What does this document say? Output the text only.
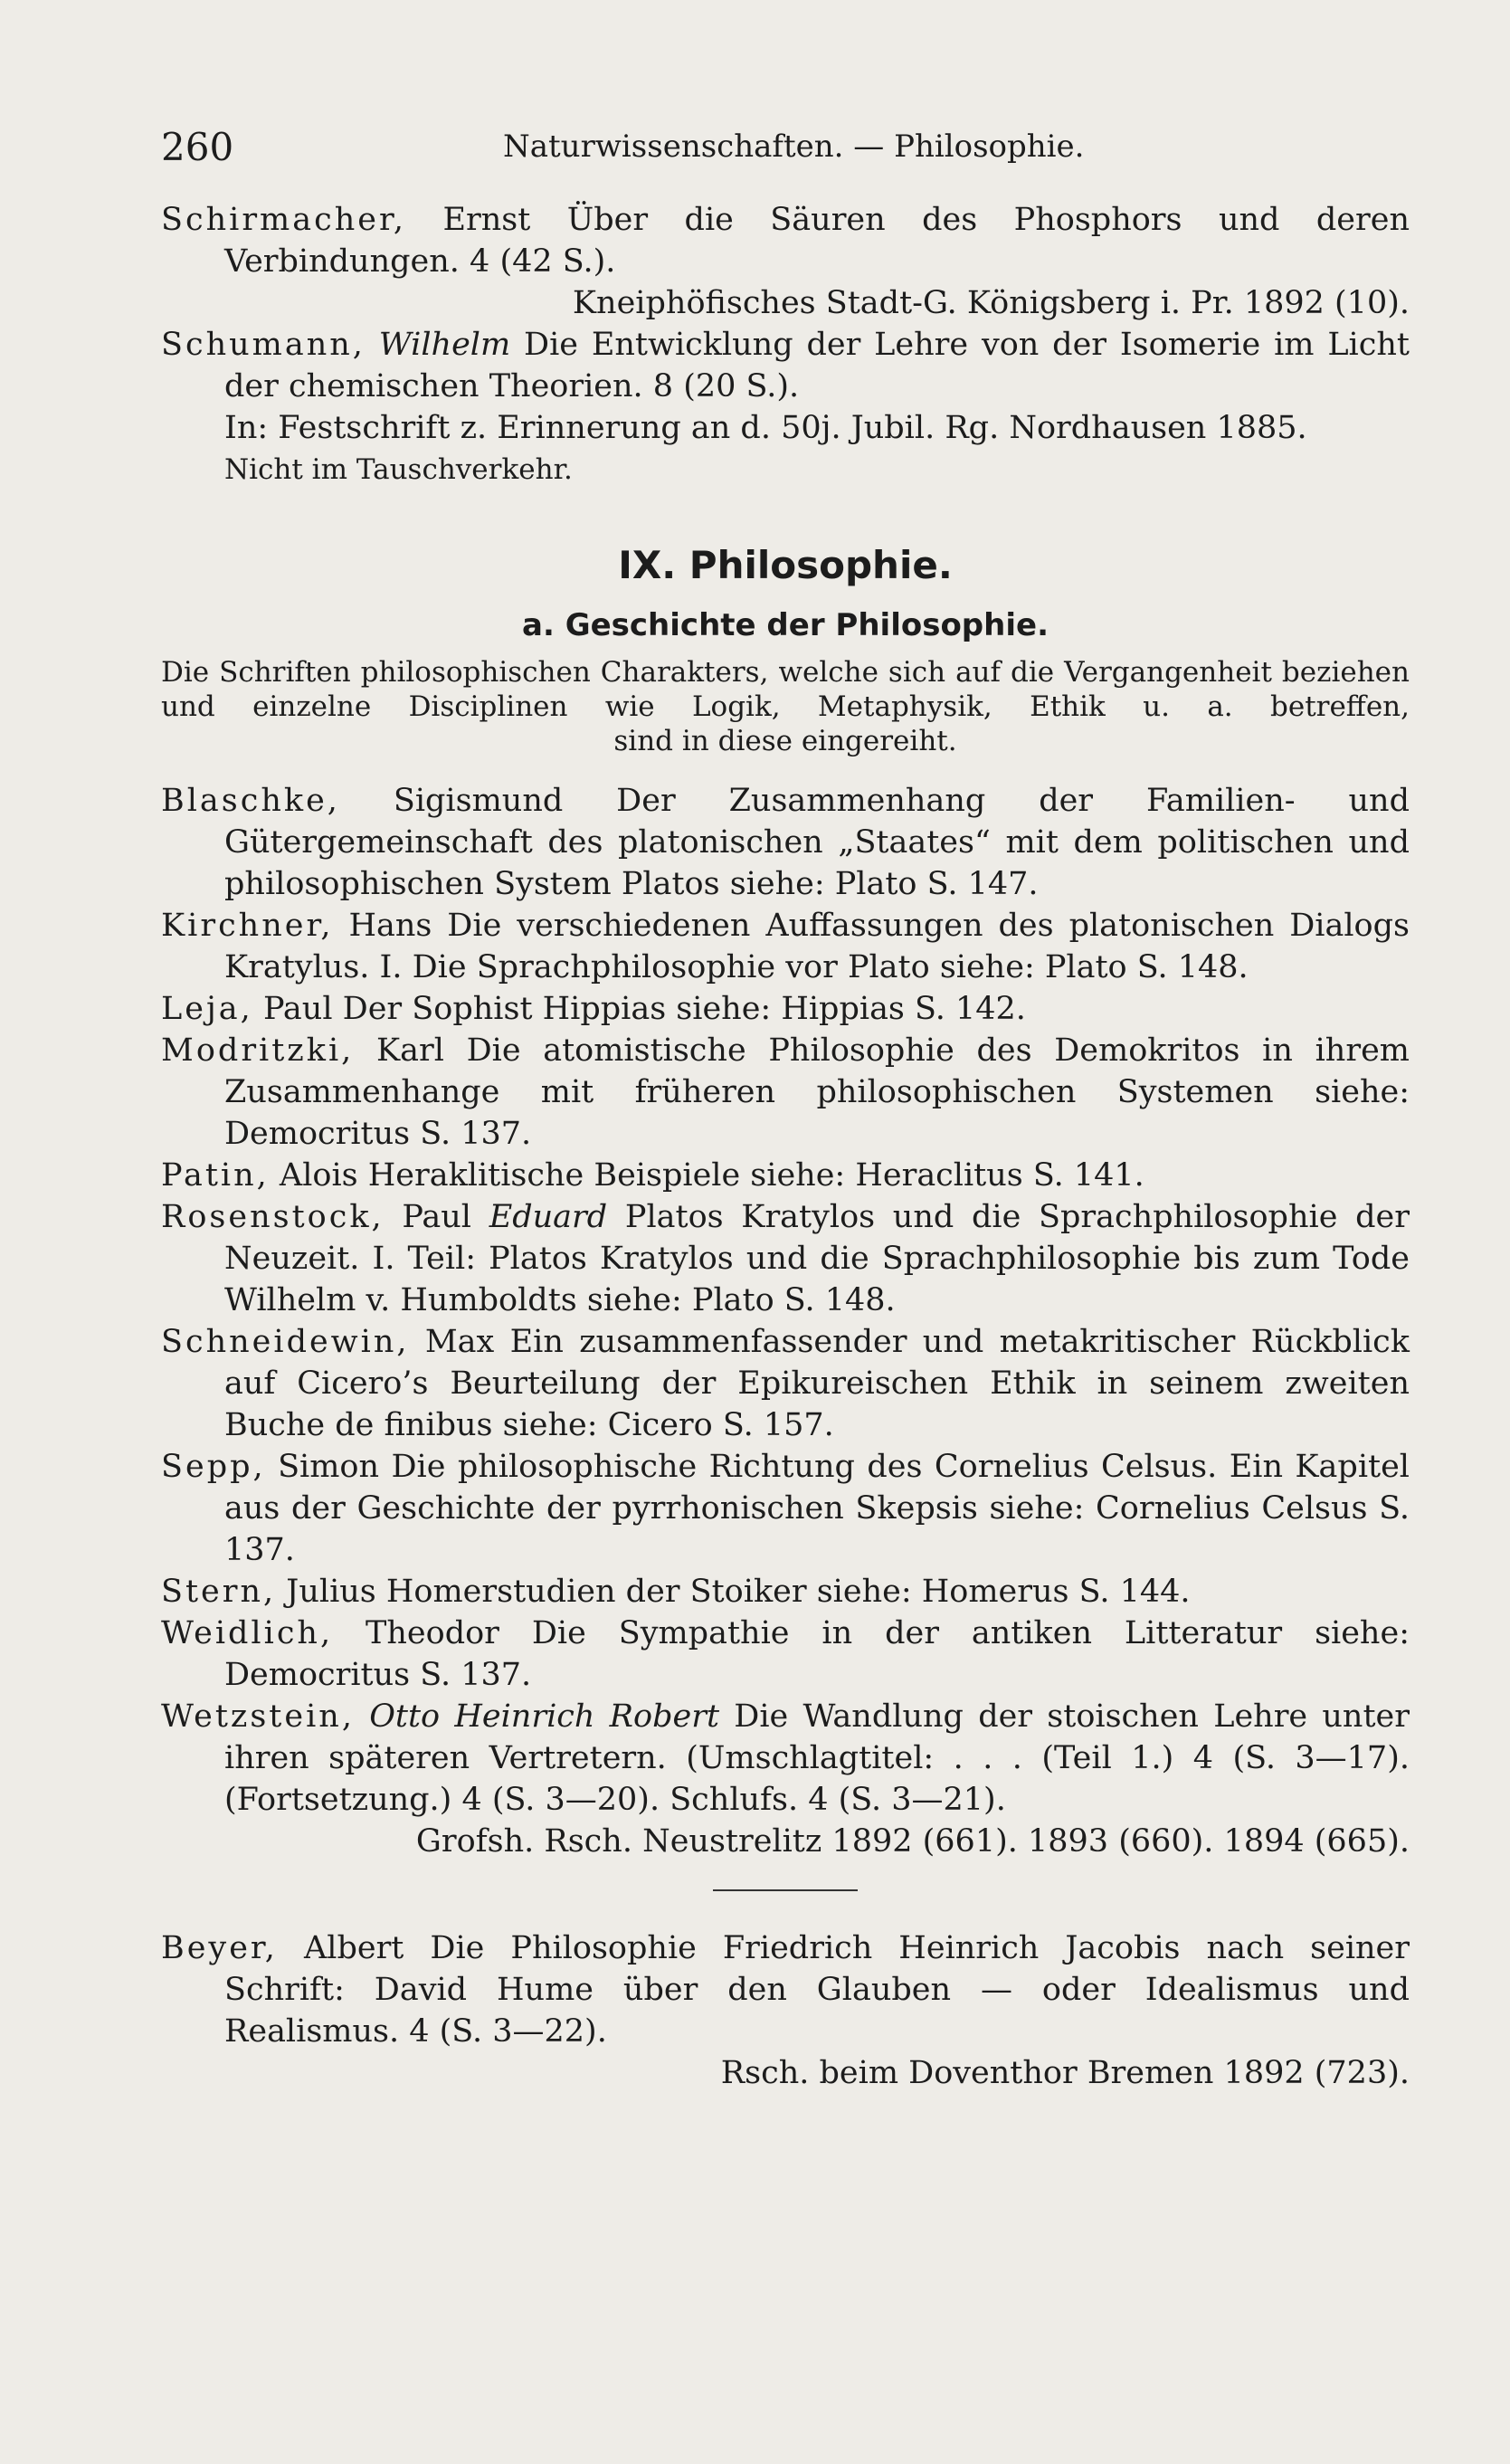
260	Naturwissenschaften. — Philosophie.

Schirmacher, Ernst Über die Säuren des Phosphors und deren Verbindungen. 4 (42 S.).

Kneiphöfisches Stadt-G. Königsberg i. Pr. 1892 (10).

Schumann, Wilhelm Die Entwicklung der Lehre von der Isomerie im Licht der chemischen Theorien. 8 (20 S.).

In: Festschrift z. Erinnerung an d. 50j. Jubil. Rg. Nordhausen 1885.
Nicht im Tauschverkehr.
IX. Philosophie.
a. Geschichte der Philosophie.
Die Schriften philosophischen Charakters, welche sich auf die Vergangenheit beziehen und einzelne Disciplinen wie Logik, Metaphysik, Ethik u. a. betreffen,
sind in diese eingereiht.

Blaschke, Sigismund Der Zusammenhang der Familien- und Gütergemeinschaft des platonischen „Staates“ mit dem politischen und philosophischen System Platos siehe: Plato S. 147.

Kirchner, Hans Die verschiedenen Auffassungen des platonischen Dialogs Kratylus. I. Die Sprachphilosophie vor Plato siehe: Plato S. 148.

Leja, Paul Der Sophist Hippias siehe: Hippias S. 142.

Modritzki, Karl Die atomistische Philosophie des Demokritos in ihrem Zusammenhange mit früheren philosophischen Systemen siehe: Democritus S. 137.

Patin, Alois Heraklitische Beispiele siehe: Heraclitus S. 141.

Rosenstock, Paul Eduard Platos Kratylos und die Sprachphilosophie der Neuzeit. I. Teil: Platos Kratylos und die Sprachphilosophie bis zum Tode Wilhelm v. Humboldts siehe: Plato S. 148.

Schneidewin, Max Ein zusammenfassender und metakritischer Rückblick auf Cicero’s Beurteilung der Epikureischen Ethik in seinem zweiten Buche de finibus siehe: Cicero S. 157.

Sepp, Simon Die philosophische Richtung des Cornelius Celsus. Ein Kapitel aus der Geschichte der pyrrhonischen Skepsis siehe: Cornelius Celsus S. 137.

Stern, Julius Homerstudien der Stoiker siehe: Homerus S. 144.

Weidlich, Theodor Die Sympathie in der antiken Litteratur siehe: Democritus S. 137.

Wetzstein, Otto Heinrich Robert Die Wandlung der stoischen Lehre unter ihren späteren Vertretern. (Umschlagtitel: . . . (Teil 1.) 4 (S. 3—17). (Fortsetzung.) 4 (S. 3—20). Schlufs. 4 (S. 3—21).

Grofsh. Rsch. Neustrelitz 1892 (661). 1893 (660). 1894 (665).

Beyer, Albert Die Philosophie Friedrich Heinrich Jacobis nach seiner Schrift: David Hume über den Glauben — oder Idealismus und Realismus. 4 (S. 3—22).

Rsch. beim Doventhor Bremen 1892 (723).
